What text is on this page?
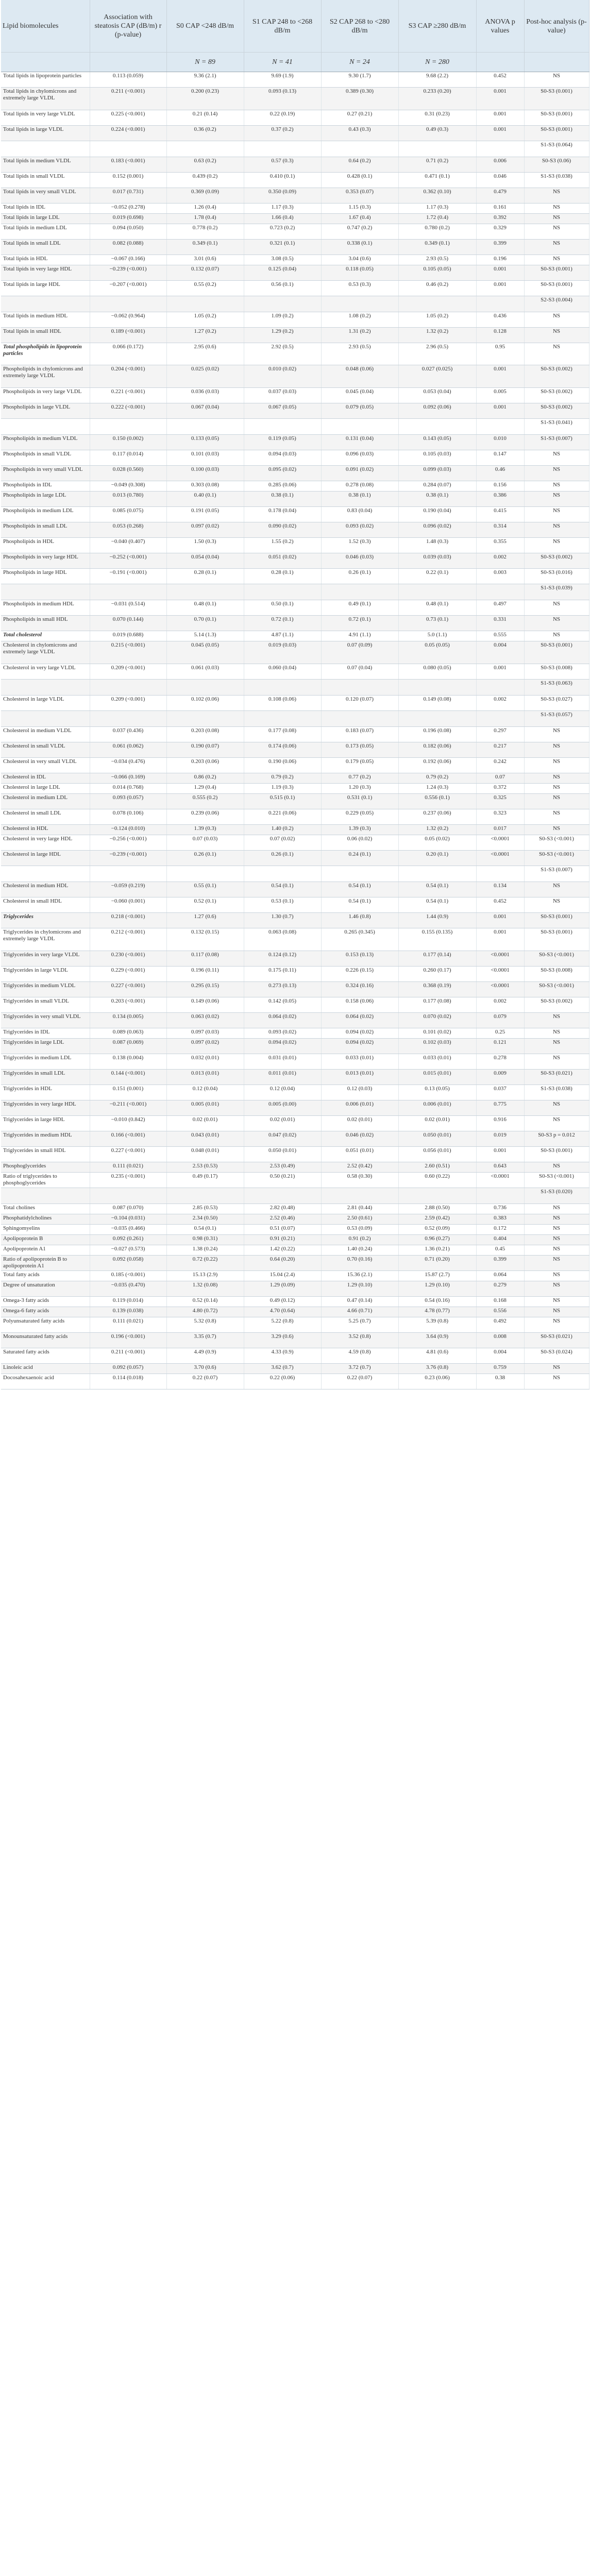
Lipid biomolecules	Association with steatosis CAP (dB/m) r (p-value)	S0 CAP <248 dB/m	S1 CAP 248 to <268 dB/m	S2 CAP 268 to <280 dB/m	S3 CAP ≥280 dB/m	ANOVA p values	Post-hoc analysis (p-value)
		N = 89	N = 41	N = 24	N = 280		
Total lipids in lipoprotein particles	0.113 (0.059)	9.36 (2.1)	9.69 (1.9)	9.30 (1.7)	9.68 (2.2)	0.452	NS
Total lipids in chylomicrons and extremely large VLDL	0.211 (<0.001)	0.200 (0.23)	0.093 (0.13)	0.389 (0.30)	0.233 (0.20)	0.001	S0-S3 (0.001)
Total lipids in very large VLDL	0.225 (<0.001)	0.21 (0.14)	0.22 (0.19)	0.27 (0.21)	0.31 (0.23)	0.001	S0-S3 (0.001)
Total lipids in large VLDL	0.224 (<0.001)	0.36 (0.2)	0.37 (0.2)	0.43 (0.3)	0.49 (0.3)	0.001	S0-S3 (0.001)
							S1-S3 (0.064)
Total lipids in medium VLDL	0.183 (<0.001)	0.63 (0.2)	0.57 (0.3)	0.64 (0.2)	0.71 (0.2)	0.006	S0-S3 (0.06)
Total lipids in small VLDL	0.152 (0.001)	0.439 (0.2)	0.410 (0.1)	0.428 (0.1)	0.471 (0.1)	0.046	S1-S3 (0.038)
Total lipids in very small VLDL	0.017 (0.731)	0.369 (0.09)	0.350 (0.09)	0.353 (0.07)	0.362 (0.10)	0.479	NS
Total lipids in IDL	−0.052 (0.278)	1.26 (0.4)	1.17 (0.3)	1.15 (0.3)	1.17 (0.3)	0.161	NS
Total lipids in large LDL	0.019 (0.698)	1.78 (0.4)	1.66 (0.4)	1.67 (0.4)	1.72 (0.4)	0.392	NS
Total lipids in medium LDL	0.094 (0.050)	0.778 (0.2)	0.723 (0.2)	0.747 (0.2)	0.780 (0.2)	0.329	NS
Total lipids in small LDL	0.082 (0.088)	0.349 (0.1)	0.321 (0.1)	0.338 (0.1)	0.349 (0.1)	0.399	NS
Total lipids in HDL	−0.067 (0.166)	3.01 (0.6)	3.08 (0.5)	3.04 (0.6)	2.93 (0.5)	0.196	NS
Total lipids in very large HDL	−0.239 (<0.001)	0.132 (0.07)	0.125 (0.04)	0.118 (0.05)	0.105 (0.05)	0.001	S0-S3 (0.001)
Total lipids in large HDL	−0.207 (<0.001)	0.55 (0.2)	0.56 (0.1)	0.53 (0.3)	0.46 (0.2)	0.001	S0-S3 (0.001)
							S2-S3 (0.004)
Total lipids in medium HDL	−0.062 (0.964)	1.05 (0.2)	1.09 (0.2)	1.08 (0.2)	1.05 (0.2)	0.436	NS
Total lipids in small HDL	0.189 (<0.001)	1.27 (0.2)	1.29 (0.2)	1.31 (0.2)	1.32 (0.2)	0.128	NS
Total phospholipids in lipoprotein particles	0.066 (0.172)	2.95 (0.6)	2.92 (0.5)	2.93 (0.5)	2.96 (0.5)	0.95	NS
Phospholipids in chylomicrons and extremely large VLDL	0.204 (<0.001)	0.025 (0.02)	0.010 (0.02)	0.048 (0.06)	0.027 (0.025)	0.001	S0-S3 (0.002)
Phospholipids in very large VLDL	0.221 (<0.001)	0.036 (0.03)	0.037 (0.03)	0.045 (0.04)	0.053 (0.04)	0.005	S0-S3 (0.002)
Phospholipids in large VLDL	0.222 (<0.001)	0.067 (0.04)	0.067 (0.05)	0.079 (0.05)	0.092 (0.06)	0.001	S0-S3 (0.002)
							S1-S3 (0.041)
Phospholipids in medium VLDL	0.150 (0.002)	0.133 (0.05)	0.119 (0.05)	0.131 (0.04)	0.143 (0.05)	0.010	S1-S3 (0.007)
Phospholipids in small VLDL	0.117 (0.014)	0.101 (0.03)	0.094 (0.03)	0.096 (0.03)	0.105 (0.03)	0.147	NS
Phospholipids in very small VLDL	0.028 (0.560)	0.100 (0.03)	0.095 (0.02)	0.091 (0.02)	0.099 (0.03)	0.46	NS
Phospholipids in IDL	−0.049 (0.308)	0.303 (0.08)	0.285 (0.06)	0.278 (0.08)	0.284 (0.07)	0.156	NS
Phospholipids in large LDL	0.013 (0.780)	0.40 (0.1)	0.38 (0.1)	0.38 (0.1)	0.38 (0.1)	0.386	NS
Phospholipids in medium LDL	0.085 (0.075)	0.191 (0.05)	0.178 (0.04)	0.83 (0.04)	0.190 (0.04)	0.415	NS
Phospholipids in small LDL	0.053 (0.268)	0.097 (0.02)	0.090 (0.02)	0.093 (0.02)	0.096 (0.02)	0.314	NS
Phospholipids in HDL	−0.040 (0.407)	1.50 (0.3)	1.55 (0.2)	1.52 (0.3)	1.48 (0.3)	0.355	NS
Phospholipids in very large HDL	−0.252 (<0.001)	0.054 (0.04)	0.051 (0.02)	0.046 (0.03)	0.039 (0.03)	0.002	S0-S3 (0.002)
Phospholipids in large HDL	−0.191 (<0.001)	0.28 (0.1)	0.28 (0.1)	0.26 (0.1)	0.22 (0.1)	0.003	S0-S3 (0.016)
							S1-S3 (0.039)
Phospholipids in medium HDL	−0.031 (0.514)	0.48 (0.1)	0.50 (0.1)	0.49 (0.1)	0.48 (0.1)	0.497	NS
Phospholipids in small HDL	0.070 (0.144)	0.70 (0.1)	0.72 (0.1)	0.72 (0.1)	0.73 (0.1)	0.331	NS
Total cholesterol	0.019 (0.688)	5.14 (1.3)	4.87 (1.1)	4.91 (1.1)	5.0 (1.1)	0.555	NS
Cholesterol in chylomicrons and extremely large VLDL	0.215 (<0.001)	0.045 (0.05)	0.019 (0.03)	0.07 (0.09)	0.05 (0.05)	0.004	S0-S3 (0.001)
Cholesterol in very large VLDL	0.209 (<0.001)	0.061 (0.03)	0.060 (0.04)	0.07 (0.04)	0.080 (0.05)	0.001	S0-S3 (0.008)
							S1-S3 (0.063)
Cholesterol in large VLDL	0.209 (<0.001)	0.102 (0.06)	0.108 (0.06)	0.120 (0.07)	0.149 (0.08)	0.002	S0-S3 (0.027)
							S1-S3 (0.057)
Cholesterol in medium VLDL	0.037 (0.436)	0.203 (0.08)	0.177 (0.08)	0.183 (0.07)	0.196 (0.08)	0.297	NS
Cholesterol in small VLDL	0.061 (0.062)	0.190 (0.07)	0.174 (0.06)	0.173 (0.05)	0.182 (0.06)	0.217	NS
Cholesterol in very small VLDL	−0.034 (0.476)	0.203 (0.06)	0.190 (0.06)	0.179 (0.05)	0.192 (0.06)	0.242	NS
Cholesterol in IDL	−0.066 (0.169)	0.86 (0.2)	0.79 (0.2)	0.77 (0.2)	0.79 (0.2)	0.07	NS
Cholesterol in large LDL	0.014 (0.768)	1.29 (0.4)	1.19 (0.3)	1.20 (0.3)	1.24 (0.3)	0.372	NS
Cholesterol in medium LDL	0.093 (0.057)	0.555 (0.2)	0.515 (0.1)	0.531 (0.1)	0.556 (0.1)	0.325	NS
Cholesterol in small LDL	0.078 (0.106)	0.239 (0.06)	0.221 (0.06)	0.229 (0.05)	0.237 (0.06)	0.323	NS
Cholesterol in HDL	−0.124 (0.010)	1.39 (0.3)	1.40 (0.2)	1.39 (0.3)	1.32 (0.2)	0.017	NS
Cholesterol in very large HDL	−0.256 (<0.001)	0.07 (0.03)	0.07 (0.02)	0.06 (0.02)	0.05 (0.02)	<0.0001	S0-S3 (<0.001)
Cholesterol in large HDL	−0.239 (<0.001)	0.26 (0.1)	0.26 (0.1)	0.24 (0.1)	0.20 (0.1)	<0.0001	S0-S3 (<0.001)
							S1-S3 (0.007)
Cholesterol in medium HDL	−0.059 (0.219)	0.55 (0.1)	0.54 (0.1)	0.54 (0.1)	0.54 (0.1)	0.134	NS
Cholesterol in small HDL	−0.060 (0.001)	0.52 (0.1)	0.53 (0.1)	0.54 (0.1)	0.54 (0.1)	0.452	NS
Triglycerides	0.218 (<0.001)	1.27 (0.6)	1.30 (0.7)	1.46 (0.8)	1.44 (0.9)	0.001	S0-S3 (0.001)
Triglycerides in chylomicrons and extremely large VLDL	0.212 (<0.001)	0.132 (0.15)	0.063 (0.08)	0.265 (0.345)	0.155 (0.135)	0.001	S0-S3 (0.001)
Triglycerides in very large VLDL	0.230 (<0.001)	0.117 (0.08)	0.124 (0.12)	0.153 (0.13)	0.177 (0.14)	<0.0001	S0-S3 (<0.001)
Triglycerides in large VLDL	0.229 (<0.001)	0.196 (0.11)	0.175 (0.11)	0.226 (0.15)	0.260 (0.17)	<0.0001	S0-S3 (0.008)
Triglycerides in medium VLDL	0.227 (<0.001)	0.295 (0.15)	0.273 (0.13)	0.324 (0.16)	0.368 (0.19)	<0.0001	S0-S3 (<0.001)
Triglycerides in small VLDL	0.203 (<0.001)	0.149 (0.06)	0.142 (0.05)	0.158 (0.06)	0.177 (0.08)	0.002	S0-S3 (0.002)
Triglycerides in very small VLDL	0.134 (0.005)	0.063 (0.02)	0.064 (0.02)	0.064 (0.02)	0.070 (0.02)	0.079	NS
Triglycerides in IDL	0.089 (0.063)	0.097 (0.03)	0.093 (0.02)	0.094 (0.02)	0.101 (0.02)	0.25	NS
Triglycerides in large LDL	0.087 (0.069)	0.097 (0.02)	0.094 (0.02)	0.094 (0.02)	0.102 (0.03)	0.121	NS
Triglycerides in medium LDL	0.138 (0.004)	0.032 (0.01)	0.031 (0.01)	0.033 (0.01)	0.033 (0.01)	0.278	NS
Triglycerides in small LDL	0.144 (<0.001)	0.013 (0.01)	0.011 (0.01)	0.013 (0.01)	0.015 (0.01)	0.009	S0-S3 (0.021)
Triglycerides in HDL	0.151 (0.001)	0.12 (0.04)	0.12 (0.04)	0.12 (0.03)	0.13 (0.05)	0.037	S1-S3 (0.038)
Triglycerides in very large HDL	−0.211 (<0.001)	0.005 (0.01)	0.005 (0.00)	0.006 (0.01)	0.006 (0.01)	0.775	NS
Triglycerides in large HDL	−0.010 (0.842)	0.02 (0.01)	0.02 (0.01)	0.02 (0.01)	0.02 (0.01)	0.916	NS
Triglycerides in medium HDL	0.166 (<0.001)	0.043 (0.01)	0.047 (0.02)	0.046 (0.02)	0.050 (0.01)	0.019	S0-S3 p = 0.012
Triglycerides in small HDL	0.227 (<0.001)	0.048 (0.01)	0.050 (0.01)	0.051 (0.01)	0.056 (0.01)	0.001	S0-S3 (0.001)
Phosphoglycerides	0.111 (0.021)	2.53 (0.53)	2.53 (0.49)	2.52 (0.42)	2.60 (0.51)	0.643	NS
Ratio of triglycerides to phosphoglycerides	0.235 (<0.001)	0.49 (0.17)	0.50 (0.21)	0.58 (0.30)	0.60 (0.22)	<0.0001	S0-S3 (<0.001)
							S1-S3 (0.020)
Total cholines	0.087 (0.070)	2.85 (0.53)	2.82 (0.48)	2.81 (0.44)	2.88 (0.50)	0.736	NS
Phosphatidylcholines	−0.104 (0.031)	2.34 (0.50)	2.52 (0.46)	2.50 (0.61)	2.59 (0.42)	0.383	NS
Sphingomyelins	−0.035 (0.466)	0.54 (0.1)	0.51 (0.07)	0.53 (0.09)	0.52 (0.09)	0.172	NS
Apolipoprotein B	0.092 (0.261)	0.98 (0.31)	0.91 (0.21)	0.91 (0.2)	0.96 (0.27)	0.404	NS
Apolipoprotein A1	−0.027 (0.573)	1.38 (0.24)	1.42 (0.22)	1.40 (0.24)	1.36 (0.21)	0.45	NS
Ratio of apolipoprotein B to apolipoprotein A1	0.092 (0.058)	0.72 (0.22)	0.64 (0.20)	0.70 (0.16)	0.71 (0.20)	0.399	NS
Total fatty acids	0.185 (<0.001)	15.13 (2.9)	15.04 (2.4)	15.36 (2.1)	15.87 (2.7)	0.064	NS
Degree of unsaturation	−0.035 (0.470)	1.32 (0.08)	1.29 (0.09)	1.29 (0.10)	1.29 (0.10)	0.279	NS
Omega-3 fatty acids	0.119 (0.014)	0.52 (0.14)	0.49 (0.12)	0.47 (0.14)	0.54 (0.16)	0.168	NS
Omega-6 fatty acids	0.139 (0.038)	4.80 (0.72)	4.70 (0.64)	4.66 (0.71)	4.78 (0.77)	0.556	NS
Polyunsaturated fatty acids	0.111 (0.021)	5.32 (0.8)	5.22 (0.8)	5.25 (0.7)	5.39 (0.8)	0.492	NS
Monounsaturated fatty acids	0.196 (<0.001)	3.35 (0.7)	3.29 (0.6)	3.52 (0.8)	3.64 (0.9)	0.008	S0-S3 (0.021)
Saturated fatty acids	0.211 (<0.001)	4.49 (0.9)	4.33 (0.9)	4.59 (0.8)	4.81 (0.6)	0.004	S0-S3 (0.024)
Linoleic acid	0.092 (0.057)	3.70 (0.6)	3.62 (0.7)	3.72 (0.7)	3.76 (0.8)	0.759	NS
Docosahexaenoic acid	0.114 (0.018)	0.22 (0.07)	0.22 (0.06)	0.22 (0.07)	0.23 (0.06)	0.38	NS
